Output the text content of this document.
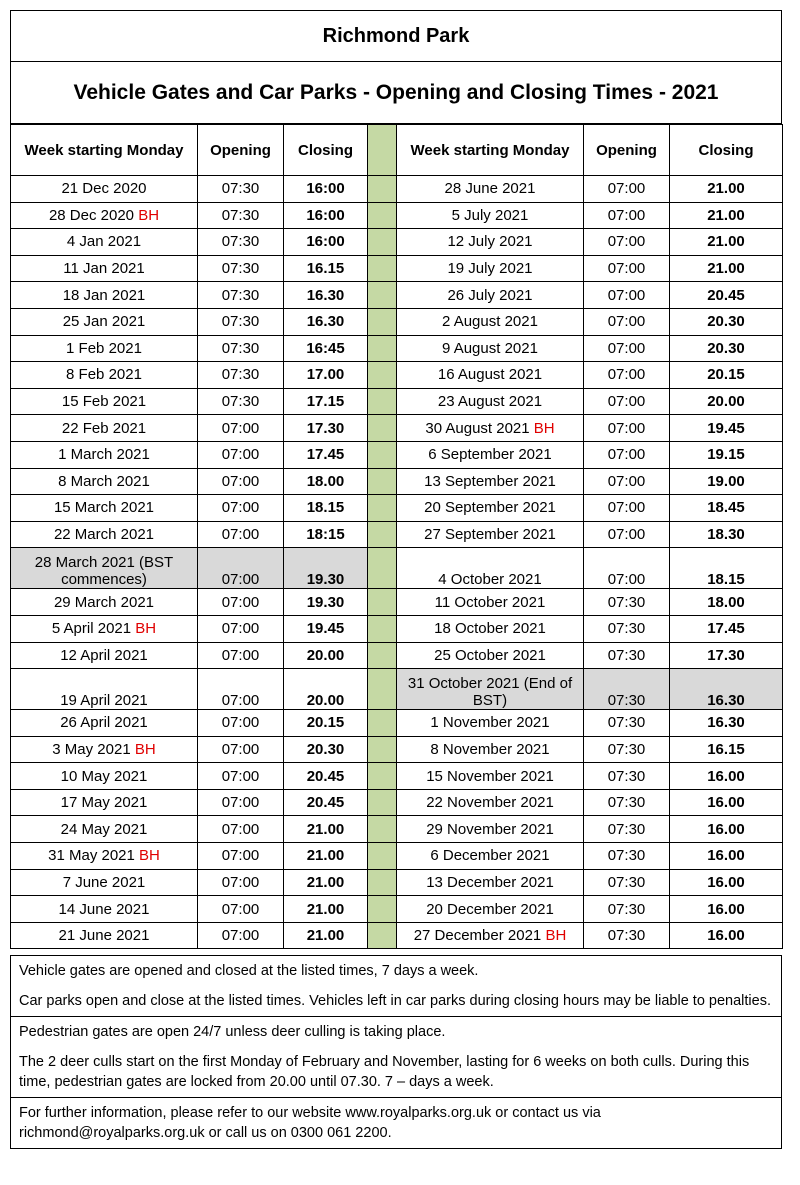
Richmond Park
Vehicle Gates and Car Parks - Opening and Closing Times - 2021
Week starting Monday	Opening	Closing		Week starting Monday	Opening	Closing
21 Dec 2020	07:30	16:00		28 June 2021	07:00	21.00
28 Dec 2020 BH	07:30	16:00		5 July 2021	07:00	21.00
4 Jan 2021	07:30	16:00		12 July 2021	07:00	21.00
11 Jan 2021	07:30	16.15		19 July 2021	07:00	21.00
18 Jan 2021	07:30	16.30		26 July 2021	07:00	20.45
25 Jan 2021	07:30	16.30		2 August 2021	07:00	20.30
1 Feb 2021	07:30	16:45		9 August 2021	07:00	20.30
8 Feb 2021	07:30	17.00		16 August 2021	07:00	20.15
15 Feb 2021	07:30	17.15		23 August 2021	07:00	20.00
22 Feb 2021	07:00	17.30		30 August 2021 BH	07:00	19.45
1 March 2021	07:00	17.45		6 September 2021	07:00	19.15
8 March 2021	07:00	18.00		13 September 2021	07:00	19.00
15 March 2021	07:00	18.15		20 September 2021	07:00	18.45
22 March 2021	07:00	18:15		27 September 2021	07:00	18.30
28 March 2021 (BST commences)	07:00	19.30		4 October 2021	07:00	18.15
29 March 2021	07:00	19.30		11 October 2021	07:30	18.00
5 April 2021 BH	07:00	19.45		18 October 2021	07:30	17.45
12 April 2021	07:00	20.00		25 October 2021	07:30	17.30
19 April 2021	07:00	20.00		31 October 2021 (End of BST)	07:30	16.30
26 April 2021	07:00	20.15		1 November 2021	07:30	16.30
3 May 2021 BH	07:00	20.30		8 November 2021	07:30	16.15
10 May 2021	07:00	20.45		15 November 2021	07:30	16.00
17 May 2021	07:00	20.45		22 November 2021	07:30	16.00
24 May 2021	07:00	21.00		29 November 2021	07:30	16.00
31 May 2021 BH	07:00	21.00		6 December 2021	07:30	16.00
7 June 2021	07:00	21.00		13 December 2021	07:30	16.00
14 June 2021	07:00	21.00		20 December 2021	07:30	16.00
21 June 2021	07:00	21.00		27 December 2021 BH	07:30	16.00

Vehicle gates are opened and closed at the listed times, 7 days a week.

Car parks open and close at the listed times. Vehicles left in car parks during closing hours may be liable to penalties.

Pedestrian gates are open 24/7 unless deer culling is taking place.

The 2 deer culls start on the first Monday of February and November, lasting for 6 weeks on both culls. During this time, pedestrian gates are locked from 20.00 until 07.30. 7 – days a week.

For further information, please refer to our website www.royalparks.org.uk or contact us via richmond@royalparks.org.uk or call us on 0300 061 2200.
